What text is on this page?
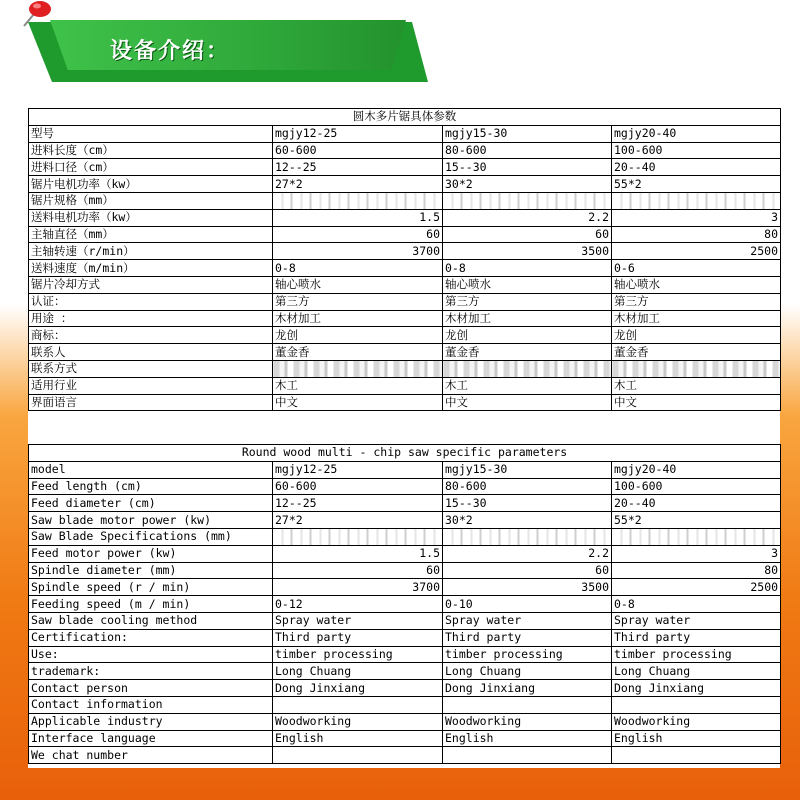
设备介绍：
圆木多片锯具体参数			
型号	mgjy12-25	mgjy15-30	mgjy20-40
进料长度（cm）	60-600	80-600	100-600
进料口径（cm）	12--25	15--30	20--40
锯片电机功率（kw）	27*2	30*2	55*2
锯片规格（mm）			
送料电机功率（kw）	1.5	2.2	3
主轴直径（mm）	60	60	80
主轴转速（r/min）	3700	3500	2500
送料速度（m/min）	0-8	0-8	0-6
锯片冷却方式	轴心喷水	轴心喷水	轴心喷水
认证：	第三方	第三方	第三方
用途 ：	木材加工	木材加工	木材加工
商标：	龙创	龙创	龙创
联系人	董金香	董金香	董金香
联系方式			
适用行业	木工	木工	木工
界面语言	中文	中文	中文
Round wood multi - chip saw specific parameters			
model	mgjy12-25	mgjy15-30	mgjy20-40
Feed length (cm)	60-600	80-600	100-600
Feed diameter (cm)	12--25	15--30	20--40
Saw blade motor power (kw)	27*2	30*2	55*2
Saw Blade Specifications (mm)			
Feed motor power (kw)	1.5	2.2	3
Spindle diameter (mm)	60	60	80
Spindle speed (r / min)	3700	3500	2500
Feeding speed (m / min)	0-12	0-10	0-8
Saw blade cooling method	Spray water	Spray water	Spray water
Certification:	Third party	Third party	Third party
Use:	timber processing	timber processing	timber processing
trademark:	Long Chuang	Long Chuang	Long Chuang
Contact person	Dong Jinxiang	Dong Jinxiang	Dong Jinxiang
Contact information			
Applicable industry	Woodworking	Woodworking	Woodworking
Interface language	English	English	English
We chat number			
